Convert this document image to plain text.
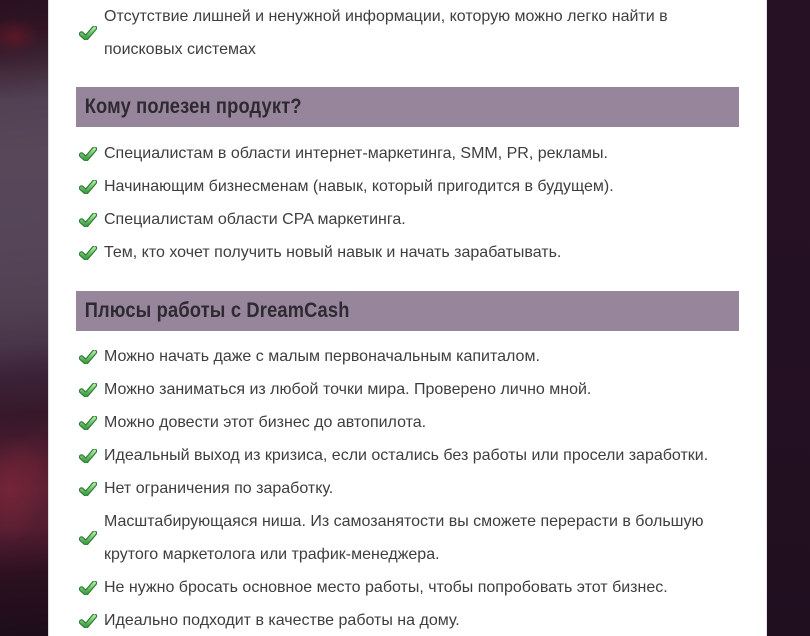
Отсутствие лишней и ненужной информации, которую можно легко найти в поисковых системах
Кому полезен продукт?
Специалистам в области интернет-маркетинга, SMM, PR, рекламы.
Начинающим бизнесменам (навык, который пригодится в будущем).
Специалистам области CPA маркетинга.
Тем, кто хочет получить новый навык и начать зарабатывать.
Плюсы работы с DreamCash
Можно начать даже с малым первоначальным капиталом.
Можно заниматься из любой точки мира. Проверено лично мной.
Можно довести этот бизнес до автопилота.
Идеальный выход из кризиса, если остались без работы или просели заработки.
Нет ограничения по заработку.
Масштабирующаяся ниша. Из самозанятости вы сможете перерасти в большую крутого маркетолога или трафик-менеджера.
Не нужно бросать основное место работы, чтобы попробовать этот бизнес.
Идеально подходит в качестве работы на дому.
